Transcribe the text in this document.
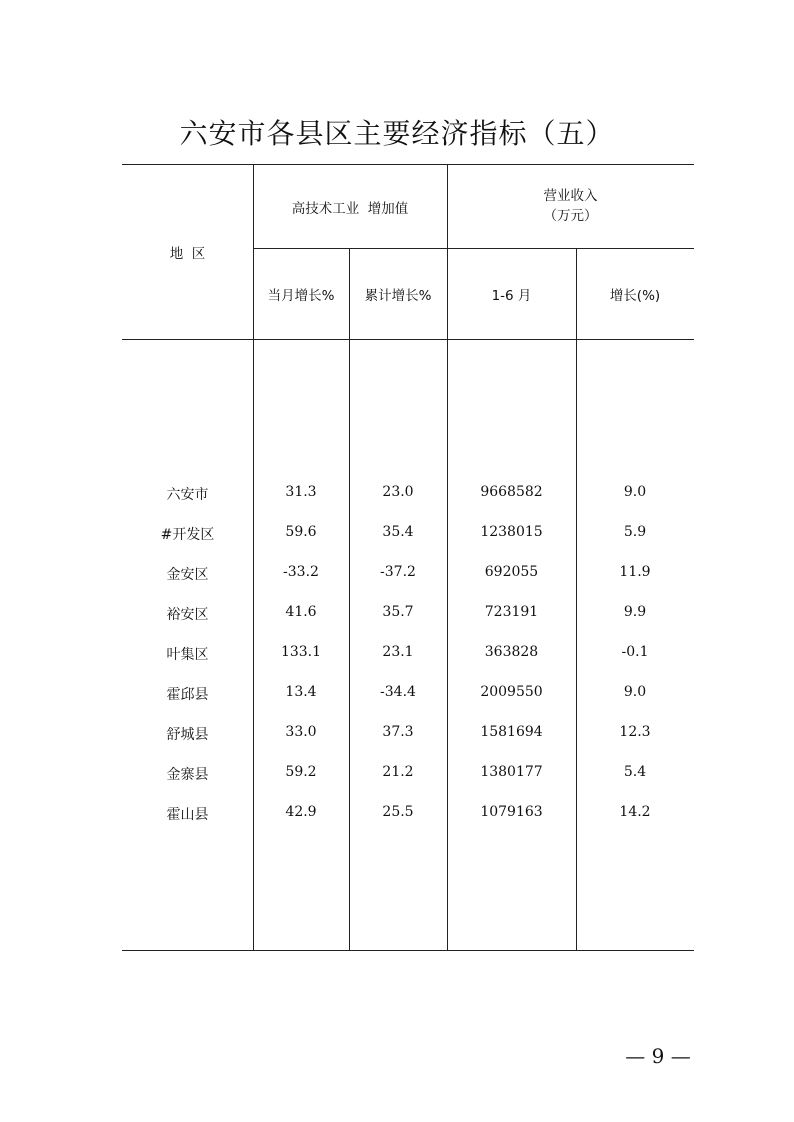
六安市各县区主要经济指标（五）
地  区
高技术工业  增加值
营业收入
（万元）
当月增长%	累计增长%	1-6 月	增长(%)
六安市	31.3	23.0	9668582	9.0
#开发区	59.6	35.4	1238015	5.9
金安区	-33.2	-37.2	692055	11.9
裕安区	41.6	35.7	723191	9.9
叶集区	133.1	23.1	363828	-0.1
霍邱县	13.4	-34.4	2009550	9.0
舒城县	33.0	37.3	1581694	12.3
金寨县	59.2	21.2	1380177	5.4
霍山县	42.9	25.5	1079163	14.2
— 9 —
